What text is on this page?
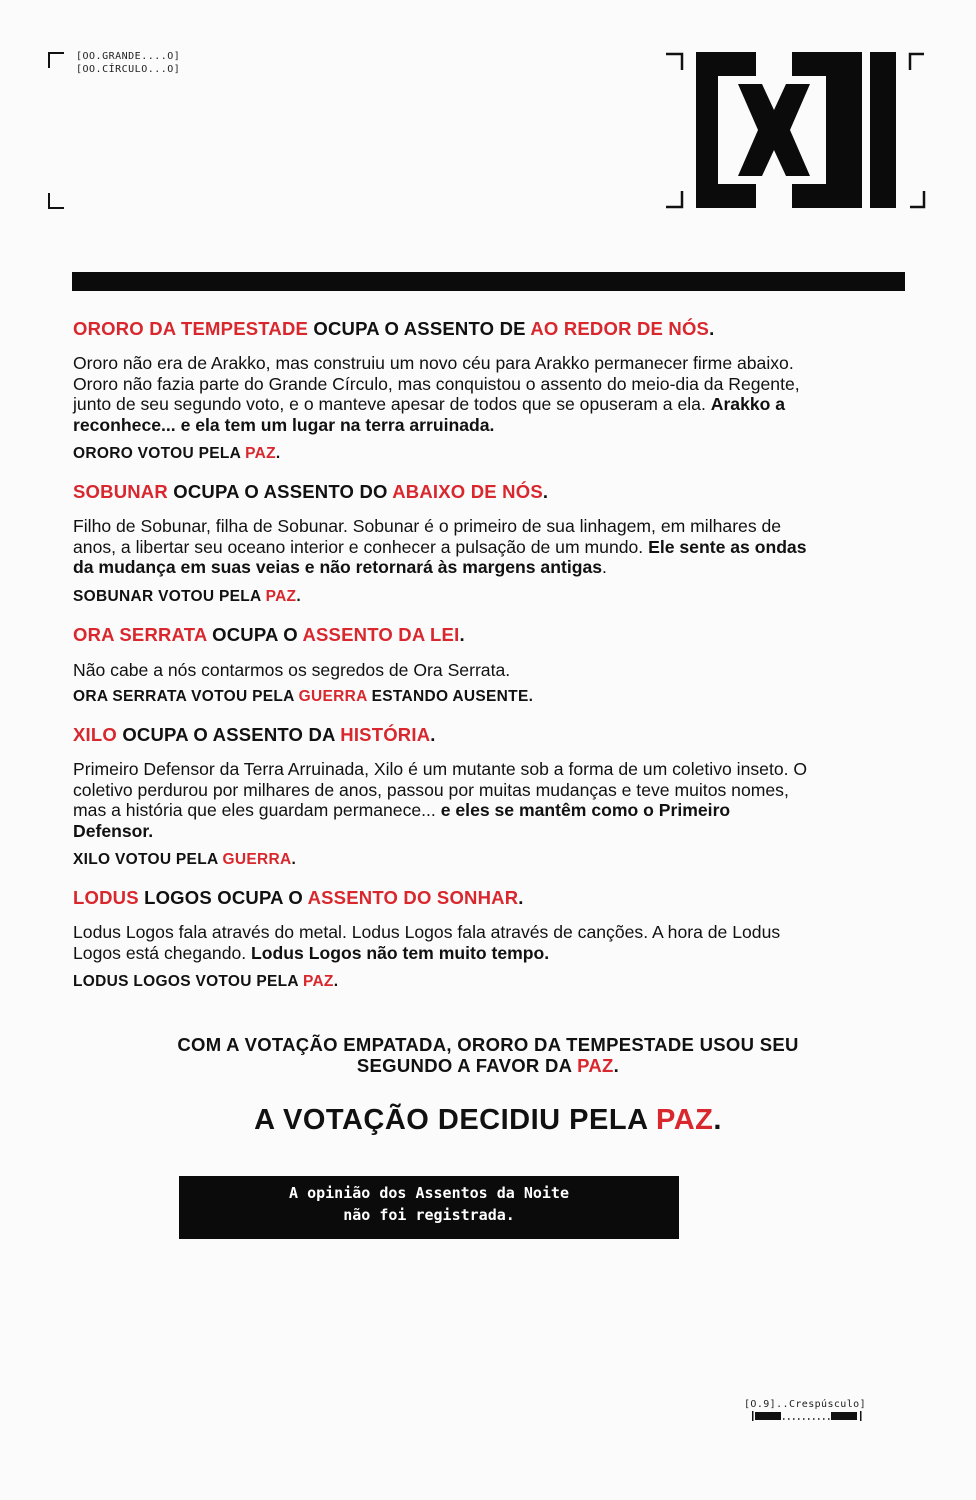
[OO.GRANDE....O]
[OO.CÍRCULO...O]

ORORO DA TEMPESTADE OCUPA O ASSENTO DE AO REDOR DE NÓS.

Ororo não era de Arakko, mas construiu um novo céu para Arakko permanecer firme abaixo. Ororo não fazia parte do Grande Círculo, mas conquistou o assento do meio-dia da Regente, junto de seu segundo voto, e o manteve apesar de todos que se opuseram a ela. Arakko a reconhece... e ela tem um lugar na terra arruinada.

ORORO VOTOU PELA PAZ.

SOBUNAR OCUPA O ASSENTO DO ABAIXO DE NÓS.

Filho de Sobunar, filha de Sobunar. Sobunar é o primeiro de sua linhagem, em milhares de anos, a libertar seu oceano interior e conhecer a pulsação de um mundo. Ele sente as ondas da mudança em suas veias e não retornará às margens antigas.

SOBUNAR VOTOU PELA PAZ.

ORA SERRATA OCUPA O ASSENTO DA LEI.

Não cabe a nós contarmos os segredos de Ora Serrata.

ORA SERRATA VOTOU PELA GUERRA ESTANDO AUSENTE.

XILO OCUPA O ASSENTO DA HISTÓRIA.

Primeiro Defensor da Terra Arruinada, Xilo é um mutante sob a forma de um coletivo inseto. O coletivo perdurou por milhares de anos, passou por muitas mudanças e teve muitos nomes, mas a história que eles guardam permanece... e eles se mantêm como o Primeiro Defensor.

XILO VOTOU PELA GUERRA.

LODUS LOGOS OCUPA O ASSENTO DO SONHAR.

Lodus Logos fala através do metal. Lodus Logos fala através de canções. A hora de Lodus Logos está chegando. Lodus Logos não tem muito tempo.

LODUS LOGOS VOTOU PELA PAZ.

COM A VOTAÇÃO EMPATADA, ORORO DA TEMPESTADE USOU SEU
SEGUNDO A FAVOR DA PAZ.
A VOTAÇÃO DECIDIU PELA PAZ.
A opinião dos Assentos da Noite
não foi registrada.
[O.9]..Crespúsculo]
